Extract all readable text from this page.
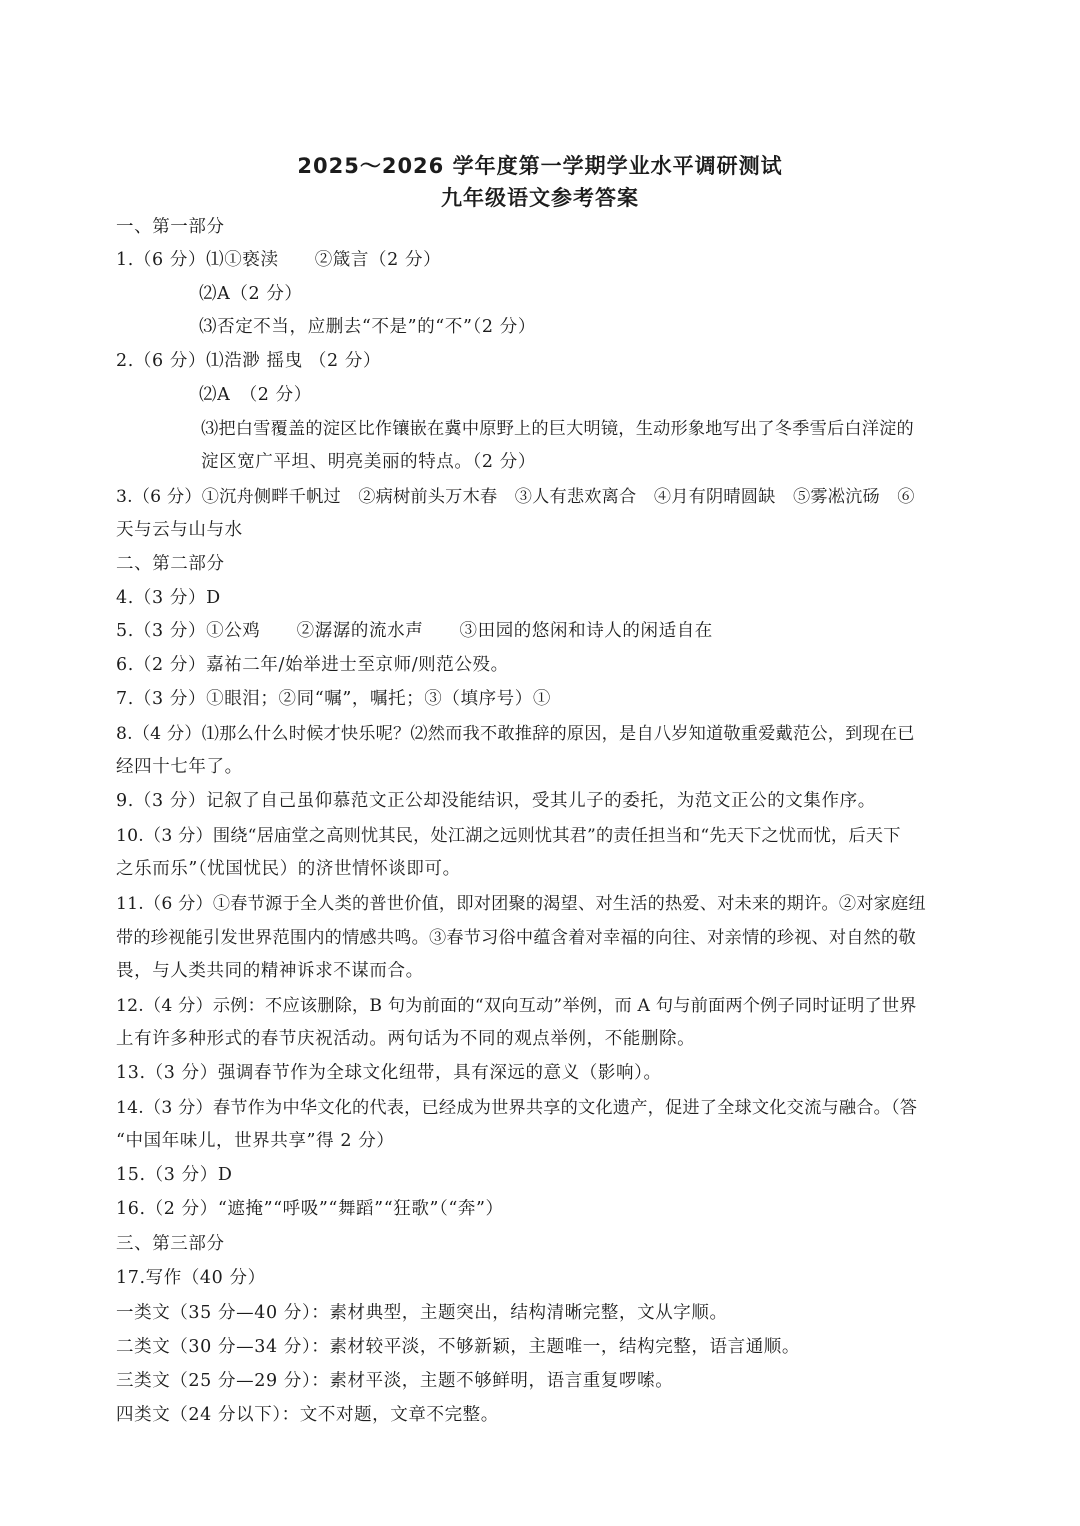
2025～2026 学年度第一学期学业水平调研测试
九年级语文参考答案
一、第一部分
1.（6 分）⑴①亵渎　　②箴言（2 分）
⑵A（2 分）
⑶否定不当，应删去“不是”的“不”（2 分）
2.（6 分）⑴浩渺 摇曳 （2 分）
⑵A　（2 分）
⑶把白雪覆盖的淀区比作镶嵌在冀中原野上的巨大明镜，生动形象地写出了冬季雪后白洋淀的
淀区宽广平坦、明亮美丽的特点。（2 分）
3.（6 分）①沉舟侧畔千帆过　②病树前头万木春　③人有悲欢离合　④月有阴晴圆缺　⑤雾凇沆砀　⑥
天与云与山与水
二、第二部分
4.（3 分）D
5.（3 分）①公鸡　　②潺潺的流水声　　③田园的悠闲和诗人的闲适自在
6.（2 分）嘉祐二年/始举进士至京师/则范公殁。
7.（3 分）①眼泪；②同“嘱”，嘱托；③（填序号）①
8.（4 分）⑴那么什么时候才快乐呢？⑵然而我不敢推辞的原因，是自八岁知道敬重爱戴范公，到现在已
经四十七年了。
9.（3 分）记叙了自己虽仰慕范文正公却没能结识，受其儿子的委托，为范文正公的文集作序。
10.（3 分）围绕“居庙堂之高则忧其民，处江湖之远则忧其君”的责任担当和“先天下之忧而忧，后天下
之乐而乐”（忧国忧民）的济世情怀谈即可。
11.（6 分）①春节源于全人类的普世价值，即对团聚的渴望、对生活的热爱、对未来的期许。②对家庭纽
带的珍视能引发世界范围内的情感共鸣。③春节习俗中蕴含着对幸福的向往、对亲情的珍视、对自然的敬
畏，与人类共同的精神诉求不谋而合。
12.（4 分）示例：不应该删除，B 句为前面的“双向互动”举例，而 A 句与前面两个例子同时证明了世界
上有许多种形式的春节庆祝活动。两句话为不同的观点举例，不能删除。
13.（3 分）强调春节作为全球文化纽带，具有深远的意义（影响）。
14.（3 分）春节作为中华文化的代表，已经成为世界共享的文化遗产，促进了全球文化交流与融合。（答
“中国年味儿，世界共享”得 2 分）
15.（3 分）D
16.（2 分）“遮掩”“呼吸”“舞蹈”“狂歌”（“奔”）
三、第三部分
17.写作（40 分）
一类文（35 分—40 分）：素材典型，主题突出，结构清晰完整，文从字顺。
二类文（30 分—34 分）：素材较平淡，不够新颖，主题唯一，结构完整，语言通顺。
三类文（25 分—29 分）：素材平淡，主题不够鲜明，语言重复啰嗦。
四类文（24 分以下）：文不对题，文章不完整。
